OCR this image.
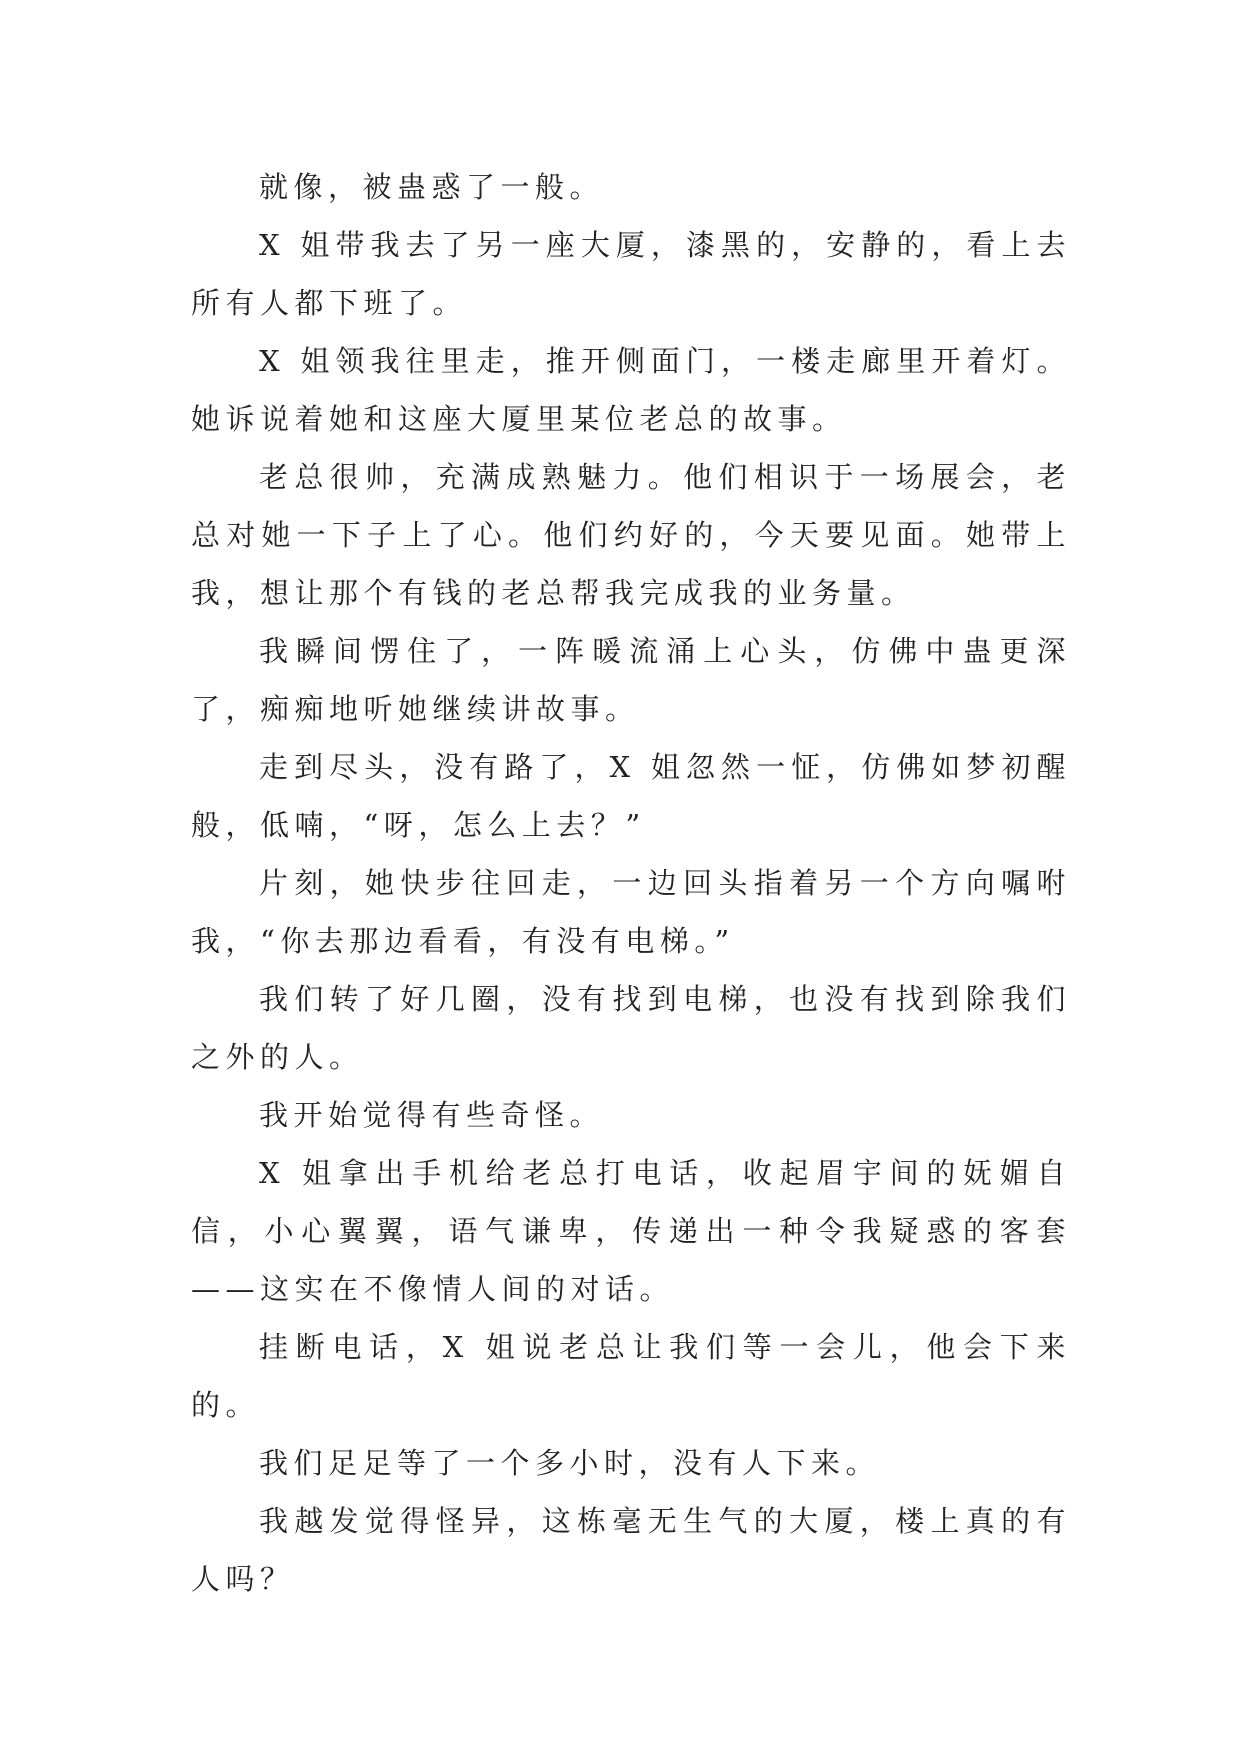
就像，被蛊惑了一般。

X 姐带我去了另一座大厦，漆黑的，安静的，看上去所有人都下班了。

X 姐领我往里走，推开侧面门，一楼走廊里开着灯。她诉说着她和这座大厦里某位老总的故事。

老总很帅，充满成熟魅力。他们相识于一场展会，老总对她一下子上了心。他们约好的，今天要见面。她带上我，想让那个有钱的老总帮我完成我的业务量。

我瞬间愣住了，一阵暖流涌上心头，仿佛中蛊更深了，痴痴地听她继续讲故事。

走到尽头，没有路了，X 姐忽然一怔，仿佛如梦初醒般，低喃，“呀，怎么上去？”

片刻，她快步往回走，一边回头指着另一个方向嘱咐我，“你去那边看看，有没有电梯。”

我们转了好几圈，没有找到电梯，也没有找到除我们之外的人。

我开始觉得有些奇怪。

X 姐拿出手机给老总打电话，收起眉宇间的妩媚自信，小心翼翼，语气谦卑，传递出一种令我疑惑的客套——这实在不像情人间的对话。

挂断电话，X 姐说老总让我们等一会儿，他会下来的。

我们足足等了一个多小时，没有人下来。

我越发觉得怪异，这栋毫无生气的大厦，楼上真的有人吗？
